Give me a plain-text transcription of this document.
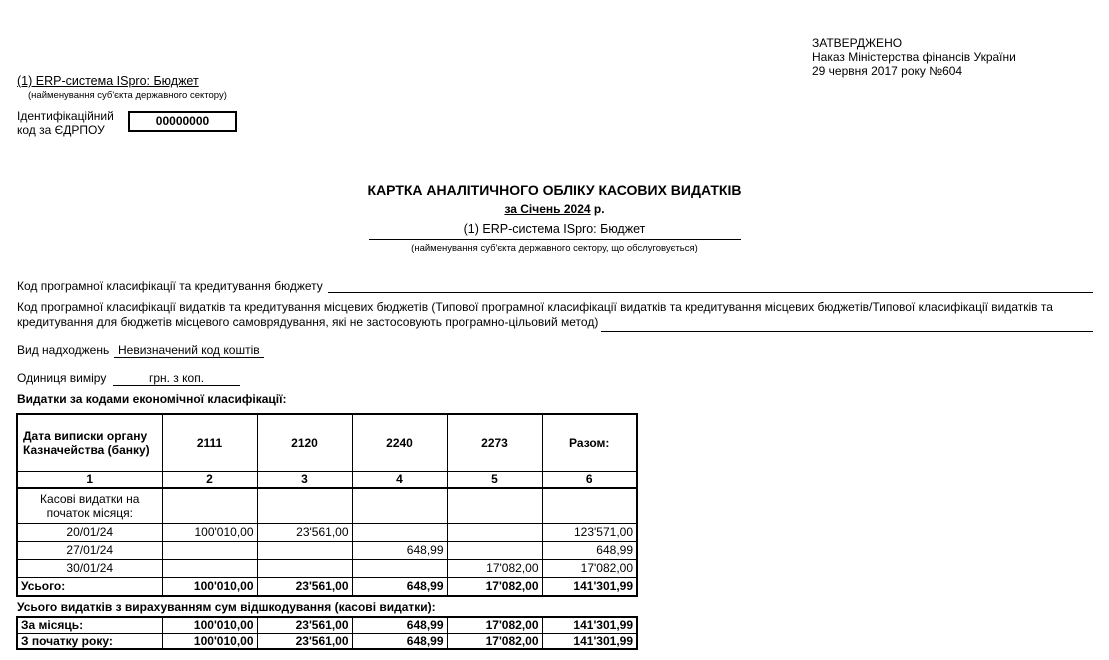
ЗАТВЕРДЖЕНО
Наказ Міністерства фінансів України
29 червня 2017 року №604
(1) ERP-система ISpro: Бюджет
(найменування суб'єкта державного сектору)
Ідентифікаційний
код за ЄДРПОУ
00000000
КАРТКА АНАЛІТИЧНОГО ОБЛІКУ КАСОВИХ ВИДАТКІВ
за Січень 2024 р.
(1) ERP-система ISpro: Бюджет
(найменування суб'єкта державного сектору, що обслуговується)
Код програмної класифікації та кредитування бюджету
Код програмної класифікації видатків та кредитування місцевих бюджетів (Типової програмної класифікації видатків та кредитування місцевих бюджетів/Типової класифікації видатків та
кредитування для бюджетів місцевого самоврядування, які не застосовують програмно-цільовий метод)
Вид надходжень Невизначений код коштів
Одиниця виміру	грн. з коп.
Видатки за кодами економічної класифікації:
Дата виписки органу Казначейства (банку)	2111	2120	2240	2273	Разом:
1	2	3	4	5	6
Касові видатки на початок місяця:					
20/01/24	100'010,00	23'561,00			123'571,00
27/01/24			648,99		648,99
30/01/24				17'082,00	17'082,00
Усього:	100'010,00	23'561,00	648,99	17'082,00	141'301,99
Усього видатків з вирахуванням сум відшкодування (касові видатки):
За місяць:	100'010,00	23'561,00	648,99	17'082,00	141'301,99
З початку року:	100'010,00	23'561,00	648,99	17'082,00	141'301,99
